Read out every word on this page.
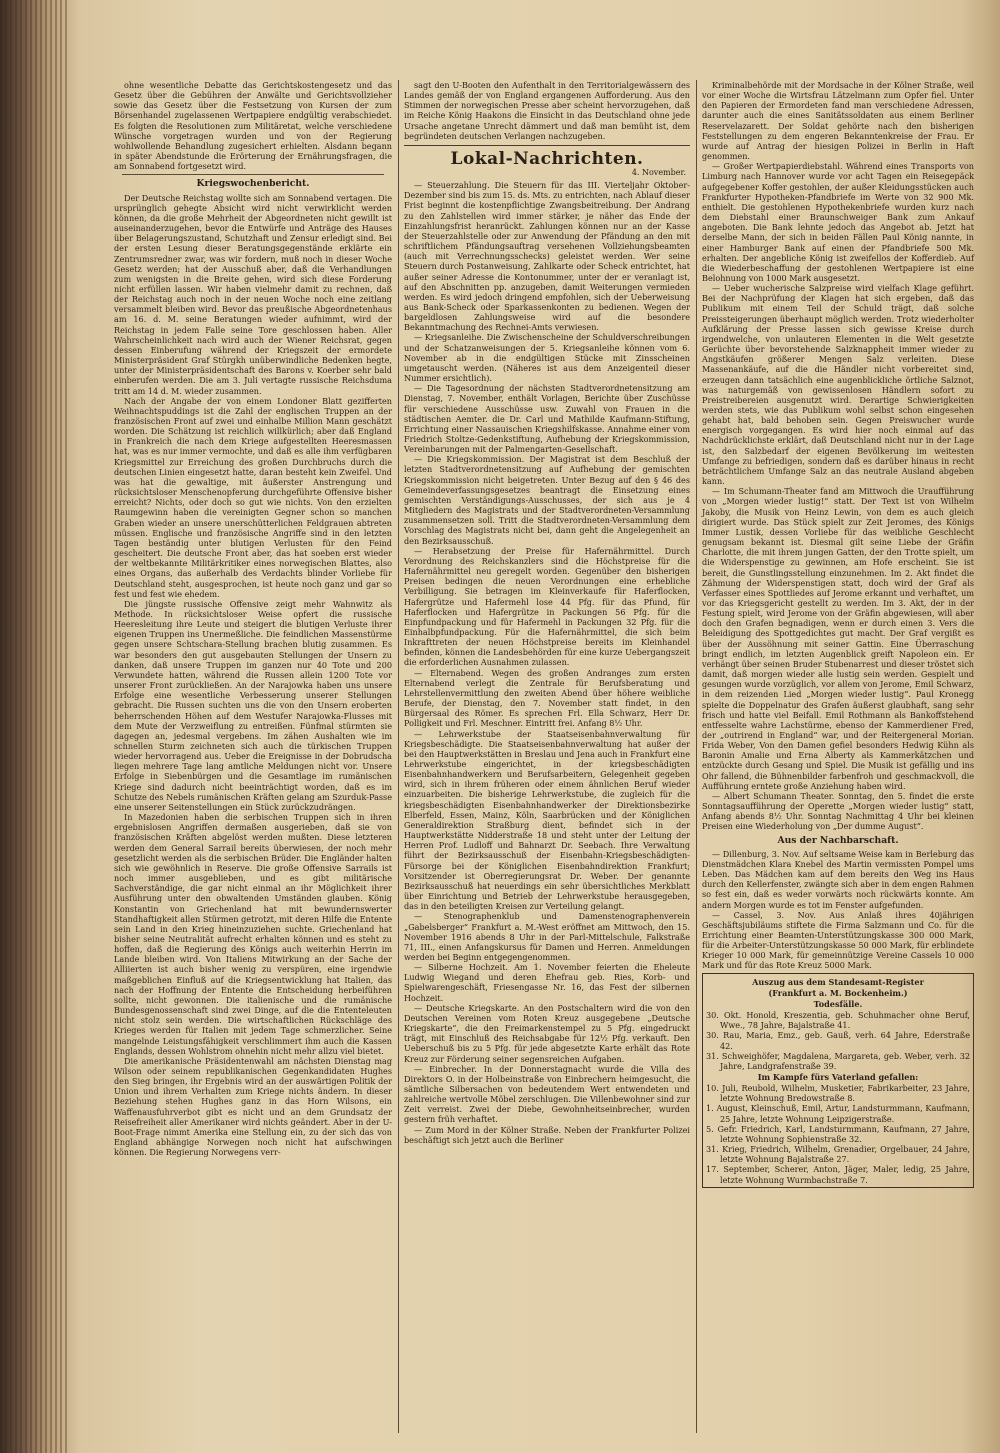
ohne wesentliche Debatte das Gerichtskostengesetz und das Gesetz über die Gebühren der Anwälte und Gerichtsvollzieher sowie das Gesetz über die Festsetzung von Kursen der zum Börsenhandel zugelassenen Wertpapiere endgültig verabschiedet. Es folgten die Resolutionen zum Militäretat, welche verschiedene Wünsche vorgetragen wurden und von der Regierung wohlwollende Behandlung zugesichert erhielten. Alsdann begann in später Abendstunde die Erörterung der Ernährungsfragen, die am Sonnabend fortgesetzt wird.

Kriegswochenbericht.

Der Deutsche Reichstag wollte sich am Sonnabend vertagen. Die ursprünglich gehegte Absicht wird nicht verwirklicht werden können, da die große Mehrheit der Abgeordneten nicht gewillt ist auseinanderzugehen, bevor die Entwürfe und Anträge des Hauses über Belagerungszustand, Schutzhaft und Zensur erledigt sind. Bei der ersten Lesung dieser Beratungsgegenstände erklärte ein Zentrumsredner zwar, was wir fordern, muß noch in dieser Woche Gesetz werden; hat der Ausschuß aber, daß die Verhandlungen zum wenigsten in die Breite gehen, wird sich diese Forderung nicht erfüllen lassen. Wir haben vielmehr damit zu rechnen, daß der Reichstag auch noch in der neuen Woche noch eine zeitlang versammelt bleiben wird. Bevor das preußische Abgeordnetenhaus am 16. d. M. seine Beratungen wieder aufnimmt, wird der Reichstag in jedem Falle seine Tore geschlossen haben. Aller Wahrscheinlichkeit nach wird auch der Wiener Reichsrat, gegen dessen Einberufung während der Kriegszeit der ermordete Ministerpräsident Graf Stürgkh unüberwindliche Bedenken hegte, unter der Ministerpräsidentschaft des Barons v. Koerber sehr bald einberufen werden. Die am 3. Juli vertagte russische Reichsduma tritt am 14 d. M. wieder zusammen.

Nach der Angabe der von einem Londoner Blatt gezifferten Weihnachtspuddings ist die Zahl der englischen Truppen an der französischen Front auf zwei und einhalbe Million Mann geschätzt worden. Die Schätzung ist reichlich willkürlich; aber daß England in Frankreich die nach dem Kriege aufgestellten Heeresmassen hat, was es nur immer vermochte, und daß es alle ihm verfügbaren Kriegsmittel zur Erreichung des großen Durchbruchs durch die deutschen Linien eingesetzt hatte, daran besteht kein Zweifel. Und was hat die gewaltige, mit äußerster Anstrengung und rücksichtsloser Menschenopferung durchgeführte Offensive bisher erreicht? Nichts, oder doch so gut wie nichts. Von den erzielten Raumgewinn haben die vereinigten Gegner schon so manchen Graben wieder an unsere unerschütterlichen Feldgrauen abtreten müssen. Englische und französische Angriffe sind in den letzten Tagen beständig unter blutigen Verlusten für den Feind gescheitert. Die deutsche Front aber, das hat soeben erst wieder der weltbekannte Militärkritiker eines norwegischen Blattes, also eines Organs, das außerhalb des Verdachts blinder Vorliebe für Deutschland steht, ausgesprochen, ist heute noch ganz und gar so fest und fest wie ehedem.

Die jüngste russische Offensive zeigt mehr Wahnwitz als Methode. In rücksichtsloser Weise opfert die russische Heeresleitung ihre Leute und steigert die blutigen Verluste ihrer eigenen Truppen ins Unermeßliche. Die feindlichen Massenstürme gegen unsere Schtschara-Stellung brachen blutig zusammen. Es war besonders den gut ausgebauten Stellungen der Unsern zu danken, daß unsere Truppen im ganzen nur 40 Tote und 200 Verwundete hatten, während die Russen allein 1200 Tote vor unserer Front zurückließen. An der Narajowka haben uns unsere Erfolge eine wesentliche Verbesserung unserer Stellungen gebracht. Die Russen suchten uns die von den Unsern eroberten beherrschenden Höhen auf dem Westufer Narajowka-Flusses mit dem Mute der Verzweiflung zu entreißen. Fünfmal stürmten sie dagegen an, jedesmal vergebens. Im zähen Aushalten wie im schnellen Sturm zeichneten sich auch die türkischen Truppen wieder hervorragend aus. Ueber die Ereignisse in der Dobrudscha liegen mehrere Tage lang amtliche Meldungen nicht vor. Unsere Erfolge in Siebenbürgen und die Gesamtlage im rumänischen Kriege sind dadurch nicht beeinträchtigt worden, daß es im Schutze des Nebels rumänischen Kräften gelang am Szurduk-Passe eine unserer Seitenstellungen ein Stück zurückzudrängen.

In Mazedonien haben die serbischen Truppen sich in ihren ergebnislosen Angriffen dermaßen ausgerieben, daß sie von französischen Kräften abgelöst werden mußten. Diese letzteren werden dem General Sarrail bereits überwiesen, der noch mehr gesetzlicht werden als die serbischen Brüder. Die Engländer halten sich wie gewöhnlich in Reserve. Die große Offensive Sarrails ist noch immer ausgeblieben, und es gibt militärische Sachverständige, die gar nicht einmal an ihr Möglichkeit ihrer Ausführung unter den obwaltenden Umständen glauben. König Konstantin von Griechenland hat mit bewundernswerter Standhaftigkeit allen Stürmen getrotzt, mit deren Hilfe die Entente sein Land in den Krieg hineinzuziehen suchte. Griechenland hat bisher seine Neutralität aufrecht erhalten können und es steht zu hoffen, daß die Regierung des Königs auch weiterhin Herrin im Lande bleiben wird. Von Italiens Mitwirkung an der Sache der Alliierten ist auch bisher wenig zu verspüren, eine irgendwie maßgeblichen Einfluß auf die Kriegsentwicklung hat Italien, das nach der Hoffnung der Entente die Entscheidung herbeiführen sollte, nicht gewonnen. Die italienische und die rumänische Bundesgenossenschaft sind zwei Dinge, auf die die Ententeleuten nicht stolz sein werden. Die wirtschaftlichen Rückschläge des Krieges werden für Italien mit jedem Tage schmerzlicher. Seine mangelnde Leistungsfähigkeit verschlimmert ihm auch die Kassen Englands, dessen Wohlstrom ohnehin nicht mehr allzu viel bietet.

Die amerikanische Präsidentenwahl am nächsten Dienstag mag Wilson oder seinem republikanischen Gegenkandidaten Hughes den Sieg bringen, ihr Ergebnis wird an der auswärtigen Politik der Union und ihrem Verhalten zum Kriege nichts ändern. In dieser Beziehung stehen Hughes ganz in das Horn Wilsons, ein Waffenausfuhrverbot gibt es nicht und an dem Grundsatz der Reisefreiheit aller Amerikaner wird nichts geändert. Aber in der U-Boot-Frage nimmt Amerika eine Stellung ein, zu der sich das von England abhängige Norwegen noch nicht hat aufschwingen können. Die Regierung Norwegens verr-

sagt den U-Booten den Aufenthalt in den Territorialgewässern des Landes gemäß der von England ergangenen Aufforderung. Aus den Stimmen der norwegischen Presse aber scheint hervorzugehen, daß im Reiche König Haakons die Einsicht in das Deutschland ohne jede Ursache angetane Unrecht dämmert und daß man bemüht ist, dem begründeten deutschen Verlangen nachzugeben.

Lokal-Nachrichten.

4. November.

— Steuerzahlung. Die Steuern für das III. Vierteljahr Oktober-Dezember sind bis zum 15. ds. Mts. zu entrichten, nach Ablauf dieser Frist beginnt die kostenpflichtige Zwangsbeitreibung. Der Andrang zu den Zahlstellen wird immer stärker, je näher das Ende der Einzahlungsfrist heranrückt. Zahlungen können nur an der Kasse der Steuerzahlstelle oder zur Anwendung der Pfändung an den mit schriftlichem Pfändungsauftrag versehenen Vollziehungsbeamten (auch mit Verrechnungsschecks) geleistet werden. Wer seine Steuern durch Postanweisung, Zahlkarte oder Scheck entrichtet, hat außer seiner Adresse die Kontonummer, unter der er veranlagt ist, auf den Abschnitten pp. anzugeben, damit Weiterungen vermieden werden. Es wird jedoch dringend empfohlen, sich der Ueberweisung aus Bank-Scheck oder Sparkassenkonten zu bedienen. Wegen der bargeldlosen Zahlungsweise wird auf die besondere Bekanntmachung des Rechnei-Amts verwiesen.

— Kriegsanleihe. Die Zwischenscheine der Schuldverschreibungen und der Schatzanweisungen der 5. Kriegsanleihe können vom 6. November ab in die endgültigen Stücke mit Zinsscheinen umgetauscht werden. (Näheres ist aus dem Anzeigenteil dieser Nummer ersichtlich).

— Die Tagesordnung der nächsten Stadtverordnetensitzung am Dienstag, 7. November, enthält Vorlagen, Berichte über Zuschüsse für verschiedene Ausschüsse usw. Zuwahl von Frauen in die städtischen Aemter. die Dr. Carl und Mathilde Kaufmann-Stiftung, Errichtung einer Nassauischen Kriegshilfskasse. Annahme einer vom Friedrich Stoltze-Gedenkstiftung, Aufhebung der Kriegskommission, Vereinbarungen mit der Palmengarten-Gesellschaft.

— Die Kriegskommission. Der Magistrat ist dem Beschluß der letzten Stadtverordnetensitzung auf Aufhebung der gemischten Kriegskommission nicht beigetreten. Unter Bezug auf den § 46 des Gemeindeverfassungsgesetzes beantragt die Einsetzung eines gemischten Verständigungs-Ausschusses, der sich aus je 4 Mitgliedern des Magistrats und der Stadtverordneten-Versammlung zusammensetzen soll. Tritt die Stadtverordneten-Versammlung dem Vorschlag des Magistrats nicht bei, dann geht die Angelegenheit an den Bezirksausschuß.

— Herabsetzung der Preise für Hafernährmittel. Durch Verordnung des Reichskanzlers sind die Höchstpreise für die Hafernährmittel neu geregelt worden. Gegenüber den bisherigen Preisen bedingen die neuen Verordnungen eine erhebliche Verbilligung. Sie betragen im Kleinverkaufe für Haferflocken, Hafergrütze und Hafermehl lose 44 Pfg. für das Pfund, für Haferflocken und Hafergrütze in Packungen 56 Pfg. für die Einpfundpackung und für Hafermehl in Packungen 32 Pfg. für die Einhalbpfundpackung. Für die Hafernährmittel, die sich beim Inkrafttreten der neuen Höchstpreise bereits im Kleinhandel befinden, können die Landesbehörden für eine kurze Uebergangszeit die erforderlichen Ausnahmen zulassen.

— Elternabend. Wegen des großen Andranges zum ersten Elternabend verlegt die Zentrale für Berufsberatung und Lehrstellenvermittlung den zweiten Abend über höhere weibliche Berufe, der Dienstag, den 7. November statt findet, in den Bürgersaal des Römer. Es sprechen Frl. Ella Schwarz, Herr Dr. Polligkeit und Frl. Meschner. Eintritt frei. Anfang 8½ Uhr.

— Lehrwerkstube der Staatseisenbahnverwaltung für Kriegsbeschädigte. Die Staatseisenbahnverwaltung hat außer der bei den Hauptwerkstätten in Breslau und Jena auch in Frankfurt eine Lehrwerkstube eingerichtet, in der kriegsbeschädigten Eisenbahnhandwerkern und Berufsarbeitern, Gelegenheit gegeben wird, sich in ihrem früheren oder einem ähnlichen Beruf wieder einzuarbeiten. Die bisherige Lehrwerkstube, die zugleich für die kriegsbeschädigten Eisenbahnhandwerker der Direktionsbezirke Elberfeld, Essen, Mainz, Köln, Saarbrücken und der Königlichen Generaldirektion Straßburg dient, befindet sich in der Hauptwerkstätte Nidderstraße 18 und steht unter der Leitung der Herren Prof. Ludloff und Bahnarzt Dr. Seebach. Ihre Verwaltung führt der Bezirksausschuß der Eisenbahn-Kriegsbeschädigten-Fürsorge bei der Königlichen Eisenbahndirektion Frankfurt; Vorsitzender ist Oberregierungsrat Dr. Weber. Der genannte Bezirksausschuß hat neuerdings ein sehr übersichtliches Merkblatt über Einrichtung und Betrieb der Lehrwerkstube herausgegeben, das in den beteiligten Kreisen zur Verteilung gelangt.

— Stenographenklub und Damenstenographenverein „Gabelsberger“ Frankfurt a. M.-West eröffnet am Mittwoch, den 15. November 1916 abends 8 Uhr in der Parl-Mittelschule, Falkstraße 71, III., einen Anfangskursus für Damen und Herren. Anmeldungen werden bei Beginn entgegengenommen.

— Silberne Hochzeit. Am 1. November feierten die Eheleute Ludwig Wiegand und deren Ehefrau geb. Ries, Korb- und Spielwarengeschäft, Friesengasse Nr. 16, das Fest der silbernen Hochzeit.

— Deutsche Kriegskarte. An den Postschaltern wird die von den Deutschen Vereinen vom Roten Kreuz ausgegebene „Deutsche Kriegskarte“, die den Freimarkenstempel zu 5 Pfg. eingedruckt trägt, mit Einschluß des Reichsabgabe für 12½ Pfg. verkauft. Den Ueberschuß bis zu 5 Pfg. für jede abgesetzte Karte erhält das Rote Kreuz zur Förderung seiner segensreichen Aufgaben.

— Einbrecher. In der Donnerstagnacht wurde die Villa des Direktors O. in der Holbeinstraße von Einbrechern heimgesucht, die sämtliche Silbersachen von bedeutendem Wert entwendeten und zahlreiche wertvolle Möbel zerschlugen. Die Villenbewohner sind zur Zeit verreist. Zwei der Diebe, Gewohnheitseinbrecher, wurden gestern früh verhaftet.

— Zum Mord in der Kölner Straße. Neben der Frankfurter Polizei beschäftigt sich jetzt auch die Berliner

Kriminalbehörde mit der Mordsache in der Kölner Straße, weil vor einer Woche die Wirtsfrau Lätzelmann zum Opfer fiel. Unter den Papieren der Ermordeten fand man verschiedene Adressen, darunter auch die eines Sanitätssoldaten aus einem Berliner Reservelazarett. Der Soldat gehörte nach den bisherigen Feststellungen zu dem engeren Bekanntenkreise der Frau. Er wurde auf Antrag der hiesigen Polizei in Berlin in Haft genommen.

— Großer Wertpapierdiebstahl. Während eines Transports von Limburg nach Hannover wurde vor acht Tagen ein Reisegepäck aufgegebener Koffer gestohlen, der außer Kleidungsstücken auch Frankfurter Hypotheken-Pfandbriefe im Werte von 32 900 Mk. enthielt. Die gestohlenen Hypothekenbriefe wurden kurz nach dem Diebstahl einer Braunschweiger Bank zum Ankauf angeboten. Die Bank lehnte jedoch das Angebot ab. Jetzt hat derselbe Mann, der sich in beiden Fällen Paul König nannte, in einer Hamburger Bank auf einen der Pfandbriefe 500 Mk. erhalten. Der angebliche König ist zweifellos der Kofferdieb. Auf die Wiederbeschaffung der gestohlenen Wertpapiere ist eine Belohnung von 1000 Mark ausgesetzt.

— Ueber wucherische Salzpreise wird vielfach Klage geführt. Bei der Nachprüfung der Klagen hat sich ergeben, daß das Publikum mit einem Teil der Schuld trägt, daß solche Preissteigerungen überhaupt möglich werden. Trotz wiederholter Aufklärung der Presse lassen sich gewisse Kreise durch irgendwelche, von unlauteren Elementen in die Welt gesetzte Gerüchte über bevorstehende Salzknappheit immer wieder zu Angstkäufen größerer Mengen Salz verleiten. Diese Massenankäufe, auf die die Händler nicht vorbereitet sind, erzeugen dann tatsächlich eine augenblickliche örtliche Salznot, was naturgemäß von gewissenlosen Händlern sofort zu Preistreibereien ausgenutzt wird. Derartige Schwierigkeiten werden stets, wie das Publikum wohl selbst schon eingesehen gehabt hat, bald behoben sein. Gegen Preiswucher wurde energisch vorgegangen. Es wird hier noch einmal auf das Nachdrücklichste erklärt, daß Deutschland nicht nur in der Lage ist, den Salzbedarf der eigenen Bevölkerung im weitesten Umfange zu befriedigen, sondern daß es darüber hinaus in recht beträchtlichem Umfange Salz an das neutrale Ausland abgeben kann.

— Im Schumann-Theater fand am Mittwoch die Uraufführung von „Morgen wieder lustig!“ statt. Der Text ist von Wilhelm Jakoby, die Musik von Heinz Lewin, von dem es auch gleich dirigiert wurde. Das Stück spielt zur Zeit Jeromes, des Königs Immer Lustik, dessen Vorliebe für das weibliche Geschlecht genugsam bekannt ist. Diesmal gilt seine Liebe der Gräfin Charlotte, die mit ihrem jungen Gatten, der den Trotte spielt, um die Widerspenstige zu gewinnen, am Hofe erscheint. Sie ist bereit, die Gunstlingsstellung einzunehmen. Im 2. Akt findet die Zähmung der Widerspenstigen statt, doch wird der Graf als Verfasser eines Spottliedes auf Jerome erkannt und verhaftet, um vor das Kriegsgericht gestellt zu werden. Im 3. Akt, der in der Festung spielt, wird Jerome von der Gräfin abgewiesen, will aber doch den Grafen begnadigen, wenn er durch einen 3. Vers die Beleidigung des Spottgedichtes gut macht. Der Graf vergißt es über der Aussöhnung mit seiner Gattin. Eine Überraschung bringt endlich, im letzten Augenblick greift Napoleon ein. Er verhängt über seinen Bruder Stubenarrest und dieser tröstet sich damit, daß morgen wieder alle lustig sein werden. Gespielt und gesungen wurde vorzüglich, vor allem von Jerome, Emil Schwarz, in dem reizenden Lied „Morgen wieder lustig“. Paul Kronegg spielte die Doppelnatur des Grafen äußerst glaubhaft, sang sehr frisch und hatte viel Beifall. Emil Rothmann als Bankoffstehend entfesselte wahre Lachstürme, ebenso der Kammerdiener Fred, der „outrirend in England“ war, und der Reitergeneral Morian. Frida Weber, Von den Damen gefiel besonders Hedwig Kühn als Baronin Amalie und Erna Alberty als Kammerkätzchen und entzückte durch Gesang und Spiel. Die Musik ist gefällig und ins Ohr fallend, die Bühnenbilder farbenfroh und geschmackvoll, die Aufführung erntete große Anziehung haben wird.

— Albert Schumann Theater. Sonntag, den 5. findet die erste Sonntagsaufführung der Operette „Morgen wieder lustig“ statt, Anfang abends 8½ Uhr. Sonntag Nachmittag 4 Uhr bei kleinen Preisen eine Wiederholung von „Der dumme August“.

Aus der Nachbarschaft.

— Dillenburg, 3. Nov. Auf seltsame Weise kam in Berleburg das Dienstmädchen Klara Knebel des Martin vermissten Pompel ums Leben. Das Mädchen kam auf dem bereits den Weg ins Haus durch den Kellerfenster, zwängte sich aber in dem engen Rahmen so fest ein, daß es weder vorwärts noch rückwärts konnte. Am andern Morgen wurde es tot im Fenster aufgefunden.

— Cassel, 3. Nov. Aus Anlaß ihres 40jährigen Geschäftsjubiläums stiftete die Firma Salzmann und Co. für die Errichtung einer Beamten-Unterstützungskasse 300 000 Mark, für die Arbeiter-Unterstützungskasse 50 000 Mark, für erblindete Krieger 10 000 Mark, für gemeinnützige Vereine Cassels 10 000 Mark und für das Rote Kreuz 5000 Mark.

Auszug aus dem Standesamt-Register

(Frankfurt a. M. Bockenheim.)

Todesfälle.

30. Okt. Honold, Kreszentia, geb. Schuhmacher ohne Beruf, Wwe., 78 Jahre, Bajalstraße 41.

30. Rau, Maria, Emz., geb. Gauß, verh. 64 Jahre, Ederstraße 42.

31. Schweighöfer, Magdalena, Margareta, geb. Weber, verh. 32 Jahre, Landgrafenstraße 39.

Im Kampfe fürs Vaterland gefallen:

10. Juli, Reubold, Wilhelm, Musketier, Fabrikarbeiter, 23 Jahre, letzte Wohnung Bredowstraße 8.

1. August, Kleinschuß, Emil, Artur, Landsturmmann, Kaufmann, 25 Jahre, letzte Wohnung Leipzigerstraße.

5. Gefr. Friedrich, Karl, Landsturmmann, Kaufmann, 27 Jahre, letzte Wohnung Sophienstraße 32.

31. Krieg, Friedrich, Wilhelm, Grenadier, Orgelbauer, 24 Jahre, letzte Wohnung Bajalstraße 27.

17. September, Scherer, Anton, Jäger, Maler, ledig, 25 Jahre, letzte Wohnung Wurmbachstraße 7.
